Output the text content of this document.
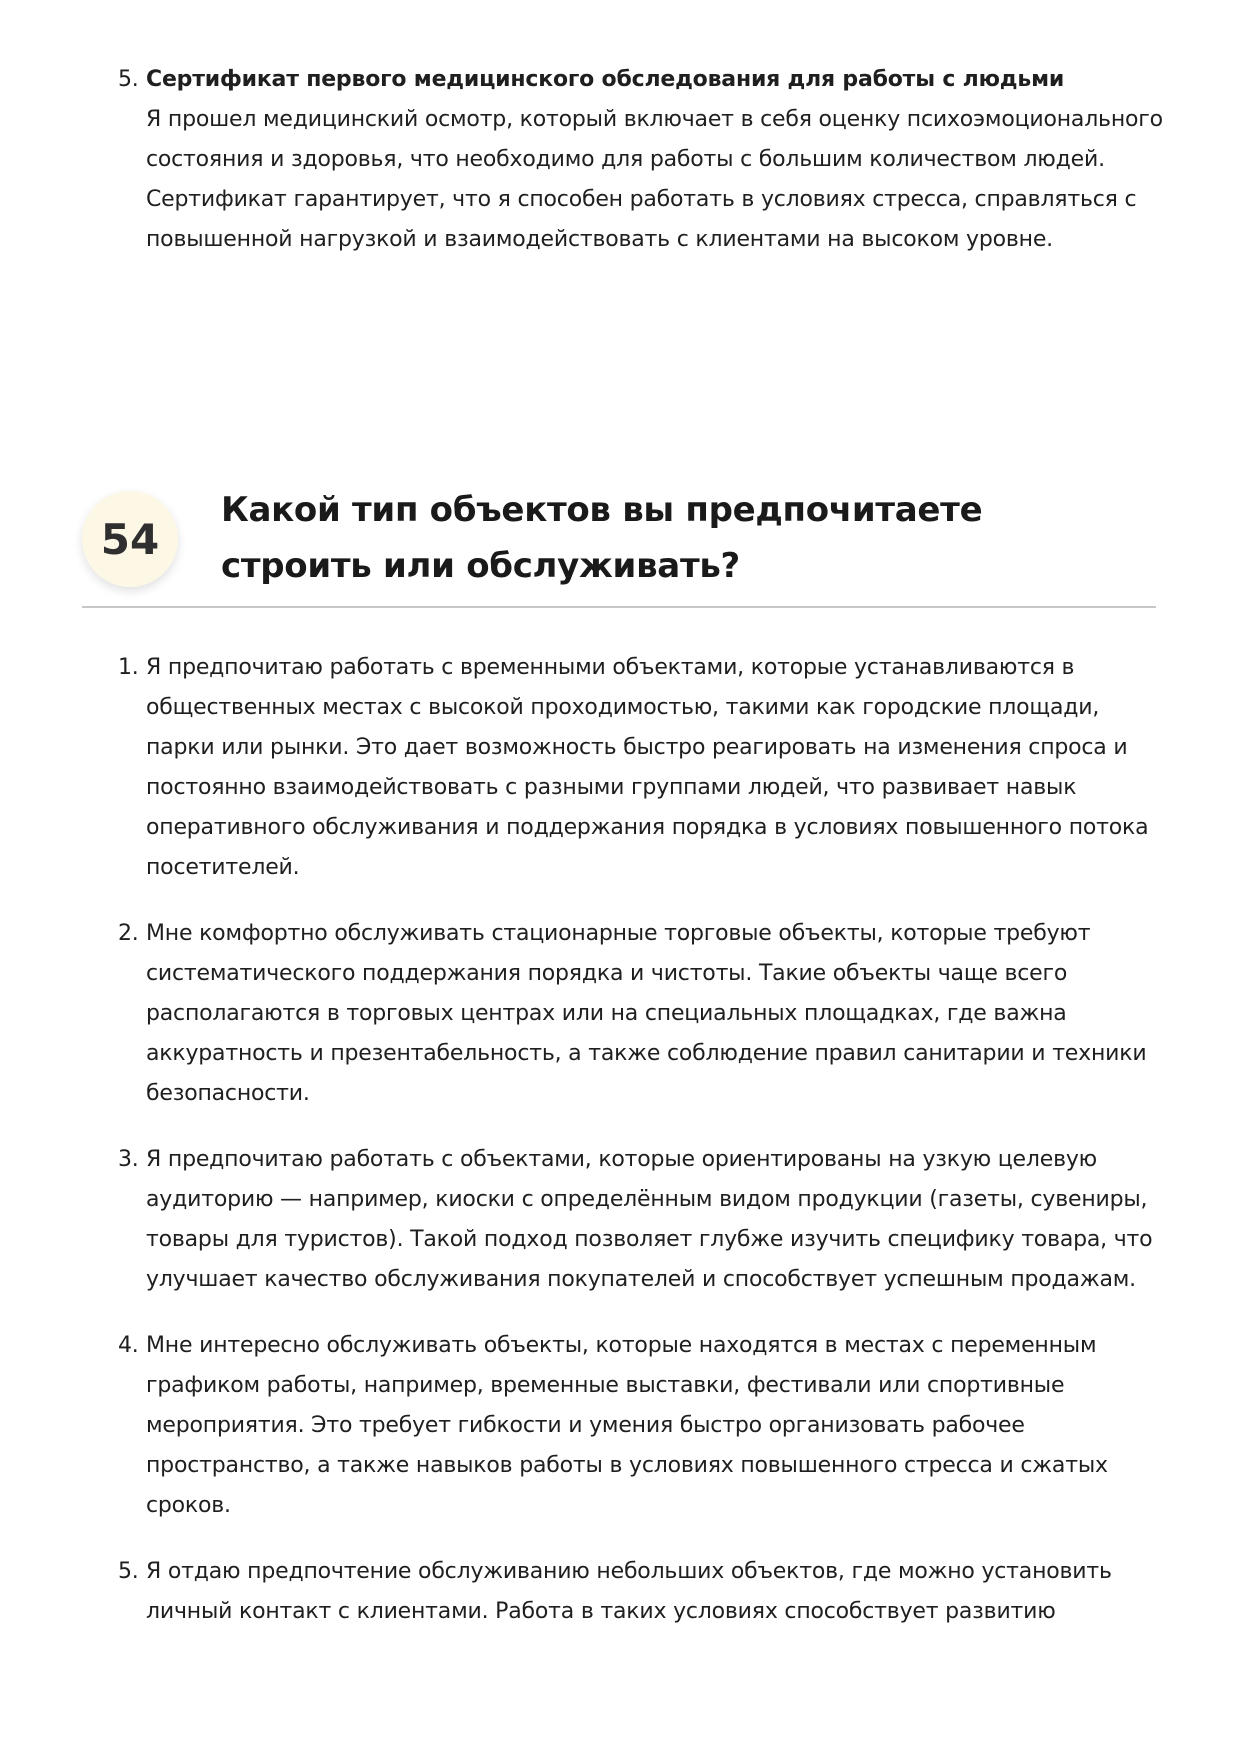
5. Сертификат первого медицинского обследования для работы с людьми
Я прошел медицинский осмотр, который включает в себя оценку психоэмоционального состояния и здоровья, что необходимо для работы с большим количеством людей. Сертификат гарантирует, что я способен работать в условиях стресса, справляться с повышенной нагрузкой и взаимодействовать с клиентами на высоком уровне.
54
Какой тип объектов вы предпочитаете строить или обслуживать?
1. Я предпочитаю работать с временными объектами, которые устанавливаются в общественных местах с высокой проходимостью, такими как городские площади, парки или рынки. Это дает возможность быстро реагировать на изменения спроса и постоянно взаимодействовать с разными группами людей, что развивает навык оперативного обслуживания и поддержания порядка в условиях повышенного потока посетителей.
2. Мне комфортно обслуживать стационарные торговые объекты, которые требуют систематического поддержания порядка и чистоты. Такие объекты чаще всего располагаются в торговых центрах или на специальных площадках, где важна аккуратность и презентабельность, а также соблюдение правил санитарии и техники безопасности.
3. Я предпочитаю работать с объектами, которые ориентированы на узкую целевую аудиторию — например, киоски с определённым видом продукции (газеты, сувениры, товары для туристов). Такой подход позволяет глубже изучить специфику товара, что улучшает качество обслуживания покупателей и способствует успешным продажам.
4. Мне интересно обслуживать объекты, которые находятся в местах с переменным графиком работы, например, временные выставки, фестивали или спортивные мероприятия. Это требует гибкости и умения быстро организовать рабочее пространство, а также навыков работы в условиях повышенного стресса и сжатых сроков.
5. Я отдаю предпочтение обслуживанию небольших объектов, где можно установить личный контакт с клиентами. Работа в таких условиях способствует развитию
